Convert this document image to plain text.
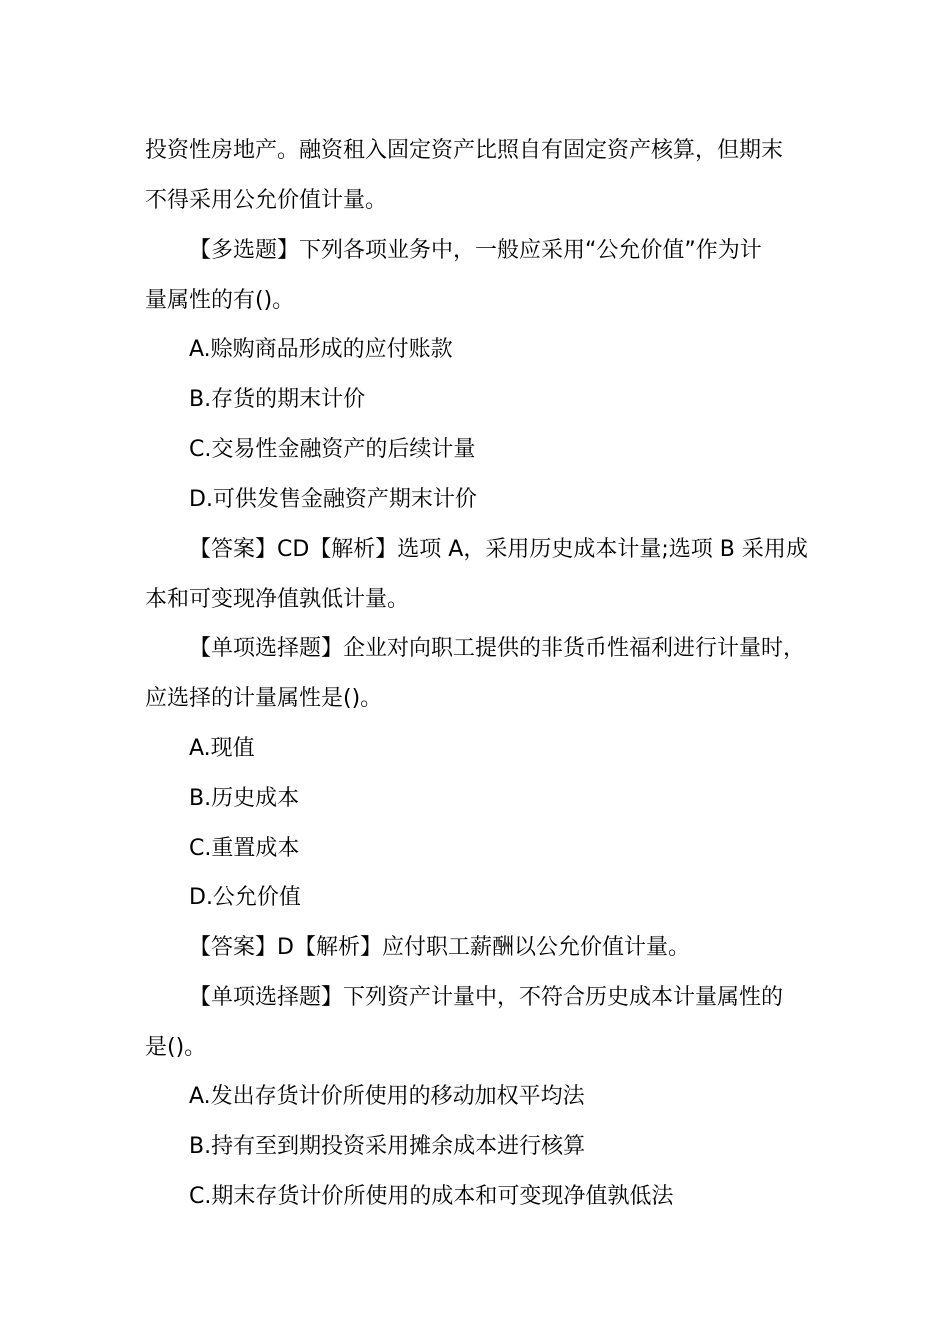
投资性房地产。融资租入固定资产比照自有固定资产核算，但期末
不得采用公允价值计量。
【多选题】下列各项业务中，一般应采用“公允价值”作为计
量属性的有()。
A.赊购商品形成的应付账款
B.存货的期末计价
C.交易性金融资产的后续计量
D.可供发售金融资产期末计价
【答案】CD【解析】选项 A，采用历史成本计量;选项 B 采用成
本和可变现净值孰低计量。
【单项选择题】企业对向职工提供的非货币性福利进行计量时，
应选择的计量属性是()。
A.现值
B.历史成本
C.重置成本
D.公允价值
【答案】D【解析】应付职工薪酬以公允价值计量。
【单项选择题】下列资产计量中，不符合历史成本计量属性的
是()。
A.发出存货计价所使用的移动加权平均法
B.持有至到期投资采用摊余成本进行核算
C.期末存货计价所使用的成本和可变现净值孰低法
